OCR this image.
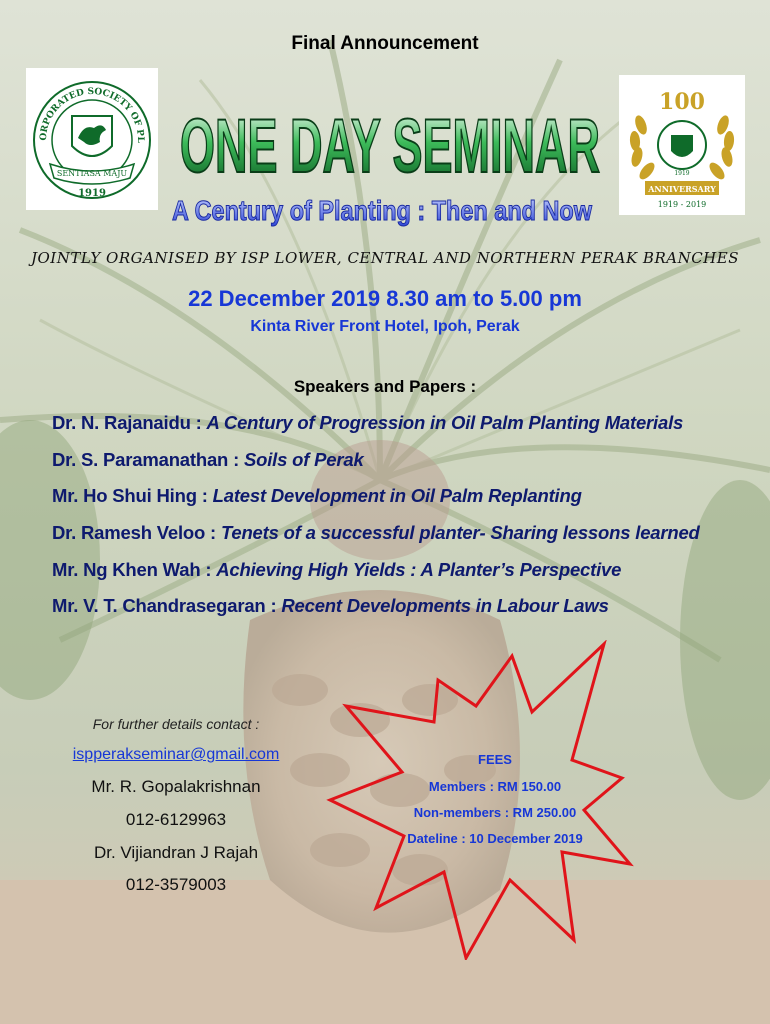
Final Announcement
ORPORATED SOCIETY OF PL
SENTIASA MAJU
1919
100
1919
ANNIVERSARY
1919 - 2019
ONE DAY SEMINAR
A Century of Planting : Then and Now
JOINTLY ORGANISED BY ISP LOWER, CENTRAL AND NORTHERN PERAK BRANCHES
22 December 2019 8.30 am to 5.00 pm
Kinta River Front Hotel, Ipoh, Perak
Speakers and Papers :
Dr. N. Rajanaidu : A Century of Progression in Oil Palm Planting Materials
Dr. S. Paramanathan : Soils of Perak
Mr. Ho Shui Hing : Latest Development in Oil Palm Replanting
Dr. Ramesh Veloo : Tenets of a successful planter- Sharing lessons learned
Mr. Ng Khen Wah : Achieving High Yields : A Planter’s Perspective
Mr. V. T. Chandrasegaran : Recent Developments in Labour Laws
For further details contact :
ispperakseminar@gmail.com
Mr. R. Gopalakrishnan
012-6129963
Dr. Vijiandran J Rajah
012-3579003
FEES
Members : RM 150.00
Non-members : RM 250.00
Dateline : 10 December 2019
